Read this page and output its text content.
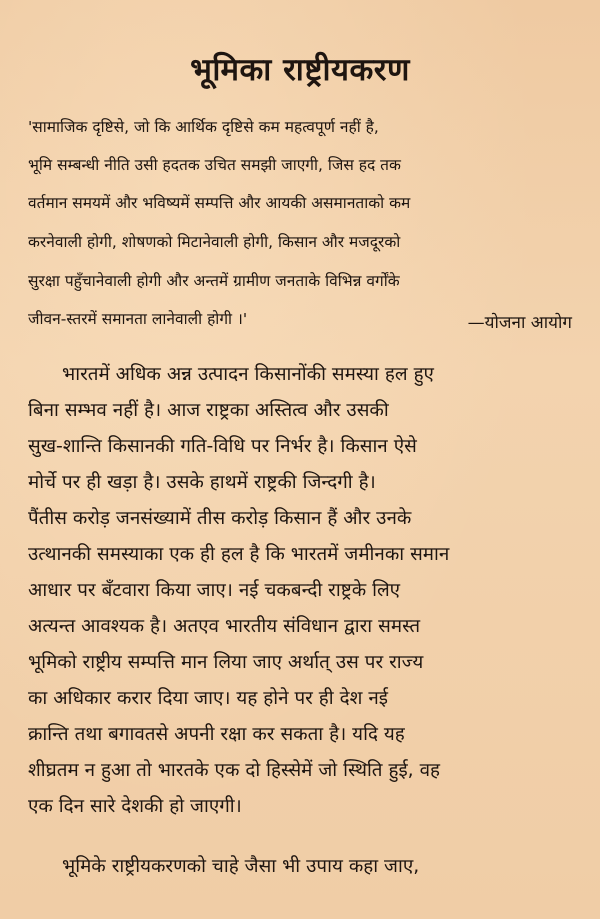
भूमिका राष्ट्रीयकरण
'सामाजिक दृष्टिसे, जो कि आर्थिक दृष्टिसे कम महत्वपूर्ण नहीं है,
भूमि सम्बन्धी नीति उसी हदतक उचित समझी जाएगी, जिस हद तक
वर्तमान समयमें और भविष्यमें सम्पत्ति और आयकी असमानताको कम
करनेवाली होगी, शोषणको मिटानेवाली होगी, किसान और मजदूरको
सुरक्षा पहुँचानेवाली होगी और अन्तमें ग्रामीण जनताके विभिन्न वर्गोंके
जीवन-स्तरमें समानता लानेवाली होगी ।'	—योजना आयोग
भारतमें अधिक अन्न उत्पादन किसानोंकी समस्या हल हुए
बिना सम्भव नहीं है। आज राष्ट्रका अस्तित्व और उसकी
सुख-शान्ति किसानकी गति-विधि पर निर्भर है। किसान ऐसे
मोर्चे पर ही खड़ा है। उसके हाथमें राष्ट्रकी जिन्दगी है।
पैंतीस करोड़ जनसंख्यामें तीस करोड़ किसान हैं और उनके
उत्थानकी समस्याका एक ही हल है कि भारतमें जमीनका समान
आधार पर बँटवारा किया जाए। नई चकबन्दी राष्ट्रके लिए
अत्यन्त आवश्यक है। अतएव भारतीय संविधान द्वारा समस्त
भूमिको राष्ट्रीय सम्पत्ति मान लिया जाए अर्थात् उस पर राज्य
का अधिकार करार दिया जाए। यह होने पर ही देश नई
क्रान्ति तथा बगावतसे अपनी रक्षा कर सकता है। यदि यह
शीघ्रतम न हुआ तो भारतके एक दो हिस्सेमें जो स्थिति हुई, वह
एक दिन सारे देशकी हो जाएगी।
भूमिके राष्ट्रीयकरणको चाहे जैसा भी उपाय कहा जाए,
